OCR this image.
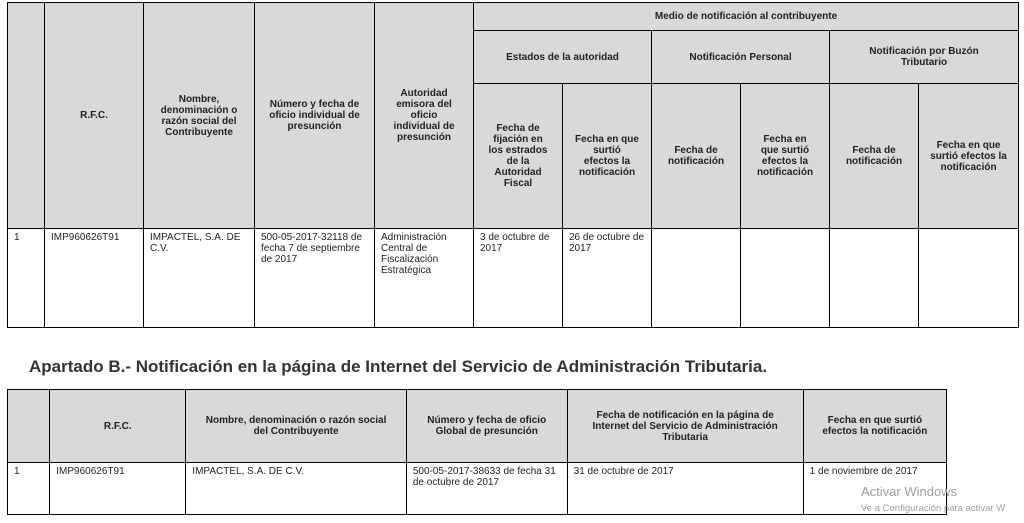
	R.F.C.	Nombre, denominación o razón social del Contribuyente	Número y fecha de oficio individual de presunción	Autoridad emisora del oficio individual de presunción	Medio de notificación al contribuyente					
					Estados de la autoridad		Notificación Personal		Notificación por Buzón Tributario	
					Fecha de fijación en los estrados de la Autoridad Fiscal	Fecha en que surtió efectos la notificación	Fecha de notificación	Fecha en que surtió efectos la notificación	Fecha de notificación	Fecha en que surtió efectos la notificación
1	IMP960626T91	IMPACTEL, S.A. DE C.V.	500-05-2017-32118 de fecha 7 de septiembre de 2017	Administración Central de Fiscalización Estratégica	3 de octubre de 2017	26 de octubre de 2017				
Apartado B.- Notificación en la página de Internet del Servicio de Administración Tributaria.
	R.F.C.	Nombre, denominación o razón social del Contribuyente	Número y fecha de oficio Global de presunción	Fecha de notificación en la página de Internet del Servicio de Administración Tributaria	Fecha en que surtió efectos la notificación
1	IMP960626T91	IMPACTEL, S.A. DE C.V.	500-05-2017-38633 de fecha 31 de octubre de 2017	31 de octubre de 2017	1 de noviembre de 2017
Activar Windows
Ve a Configuración para activar W
